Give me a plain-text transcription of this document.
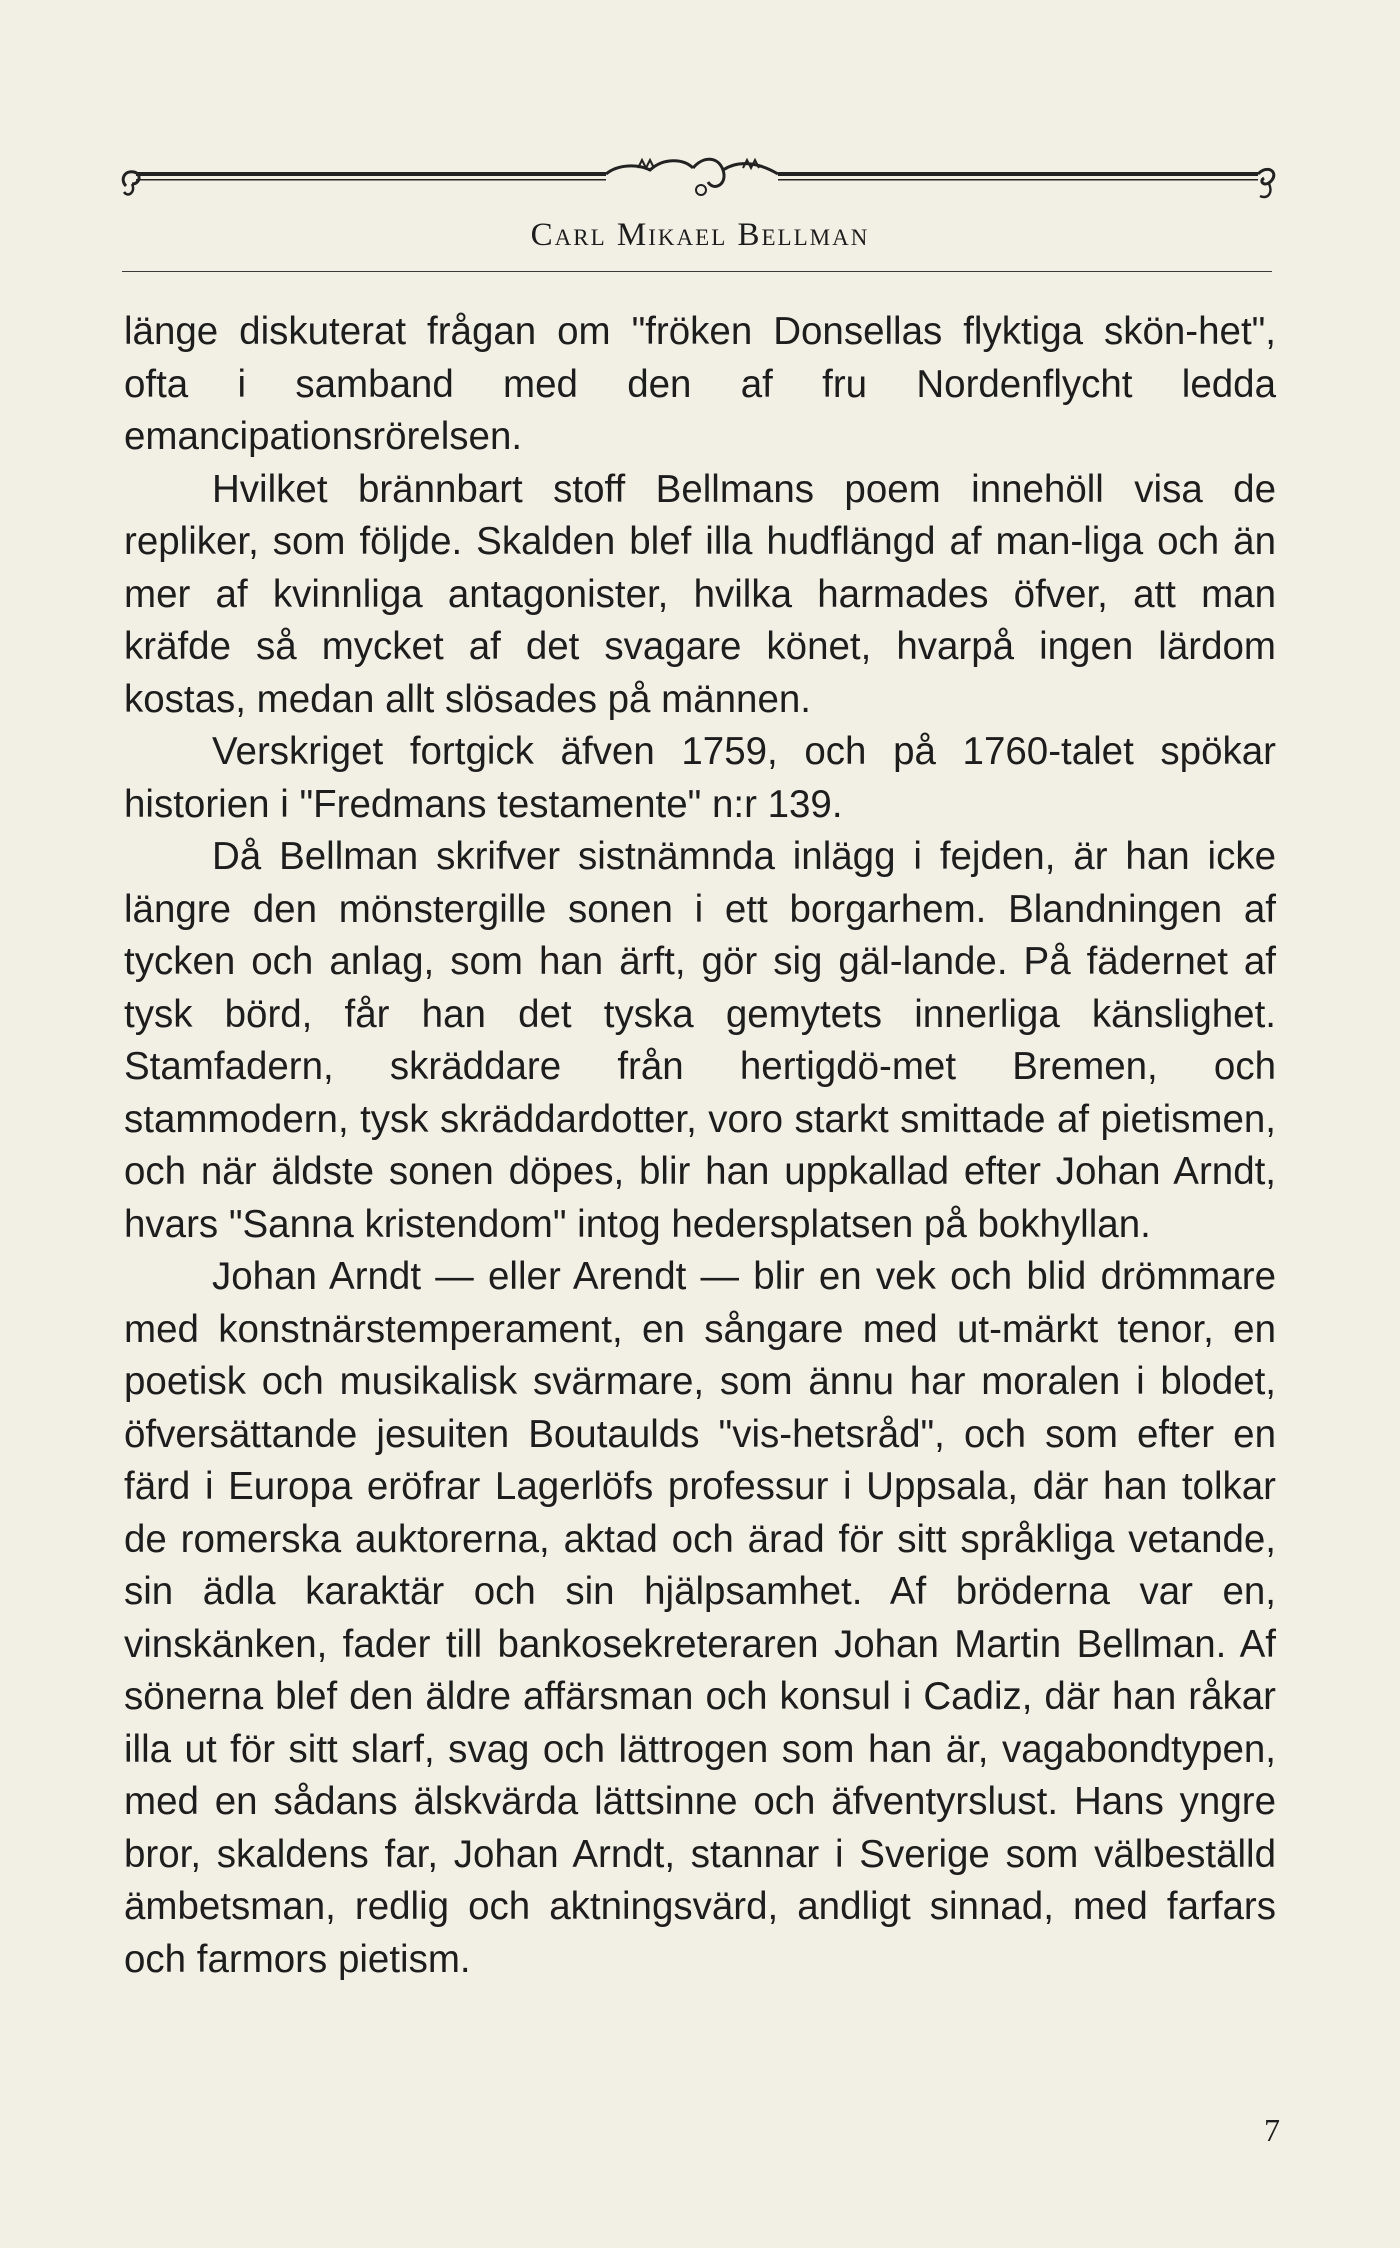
Carl Mikael Bellman

länge diskuterat frågan om "fröken Donsellas flyktiga skön-het", ofta i samband med den af fru Nordenflycht ledda emancipationsrörelsen.

Hvilket brännbart stoff Bellmans poem innehöll visa de repliker, som följde. Skalden blef illa hudflängd af man-liga och än mer af kvinnliga antagonister, hvilka harmades öfver, att man kräfde så mycket af det svagare könet, hvarpå ingen lärdom kostas, medan allt slösades på männen.

Verskriget fortgick äfven 1759, och på 1760-talet spökar historien i "Fredmans testamente" n:r 139.

Då Bellman skrifver sistnämnda inlägg i fejden, är han icke längre den mönstergille sonen i ett borgarhem. Blandningen af tycken och anlag, som han ärft, gör sig gäl-lande. På fädernet af tysk börd, får han det tyska gemytets innerliga känslighet. Stamfadern, skräddare från hertigdö-met Bremen, och stammodern, tysk skräddardotter, voro starkt smittade af pietismen, och när äldste sonen döpes, blir han uppkallad efter Johan Arndt, hvars "Sanna kristendom" intog hedersplatsen på bokhyllan.

Johan Arndt — eller Arendt — blir en vek och blid drömmare med konstnärstemperament, en sångare med ut-märkt tenor, en poetisk och musikalisk svärmare, som ännu har moralen i blodet, öfversättande jesuiten Boutaulds "vis-hetsråd", och som efter en färd i Europa eröfrar Lagerlöfs professur i Uppsala, där han tolkar de romerska auktorerna, aktad och ärad för sitt språkliga vetande, sin ädla karaktär och sin hjälpsamhet. Af bröderna var en, vinskänken, fader till bankosekreteraren Johan Martin Bellman. Af sönerna blef den äldre affärsman och konsul i Cadiz, där han råkar illa ut för sitt slarf, svag och lättrogen som han är, vagabondtypen, med en sådans älskvärda lättsinne och äfventyrslust. Hans yngre bror, skaldens far, Johan Arndt, stannar i Sverige som välbeställd ämbetsman, redlig och aktningsvärd, andligt sinnad, med farfars och farmors pietism.

7
